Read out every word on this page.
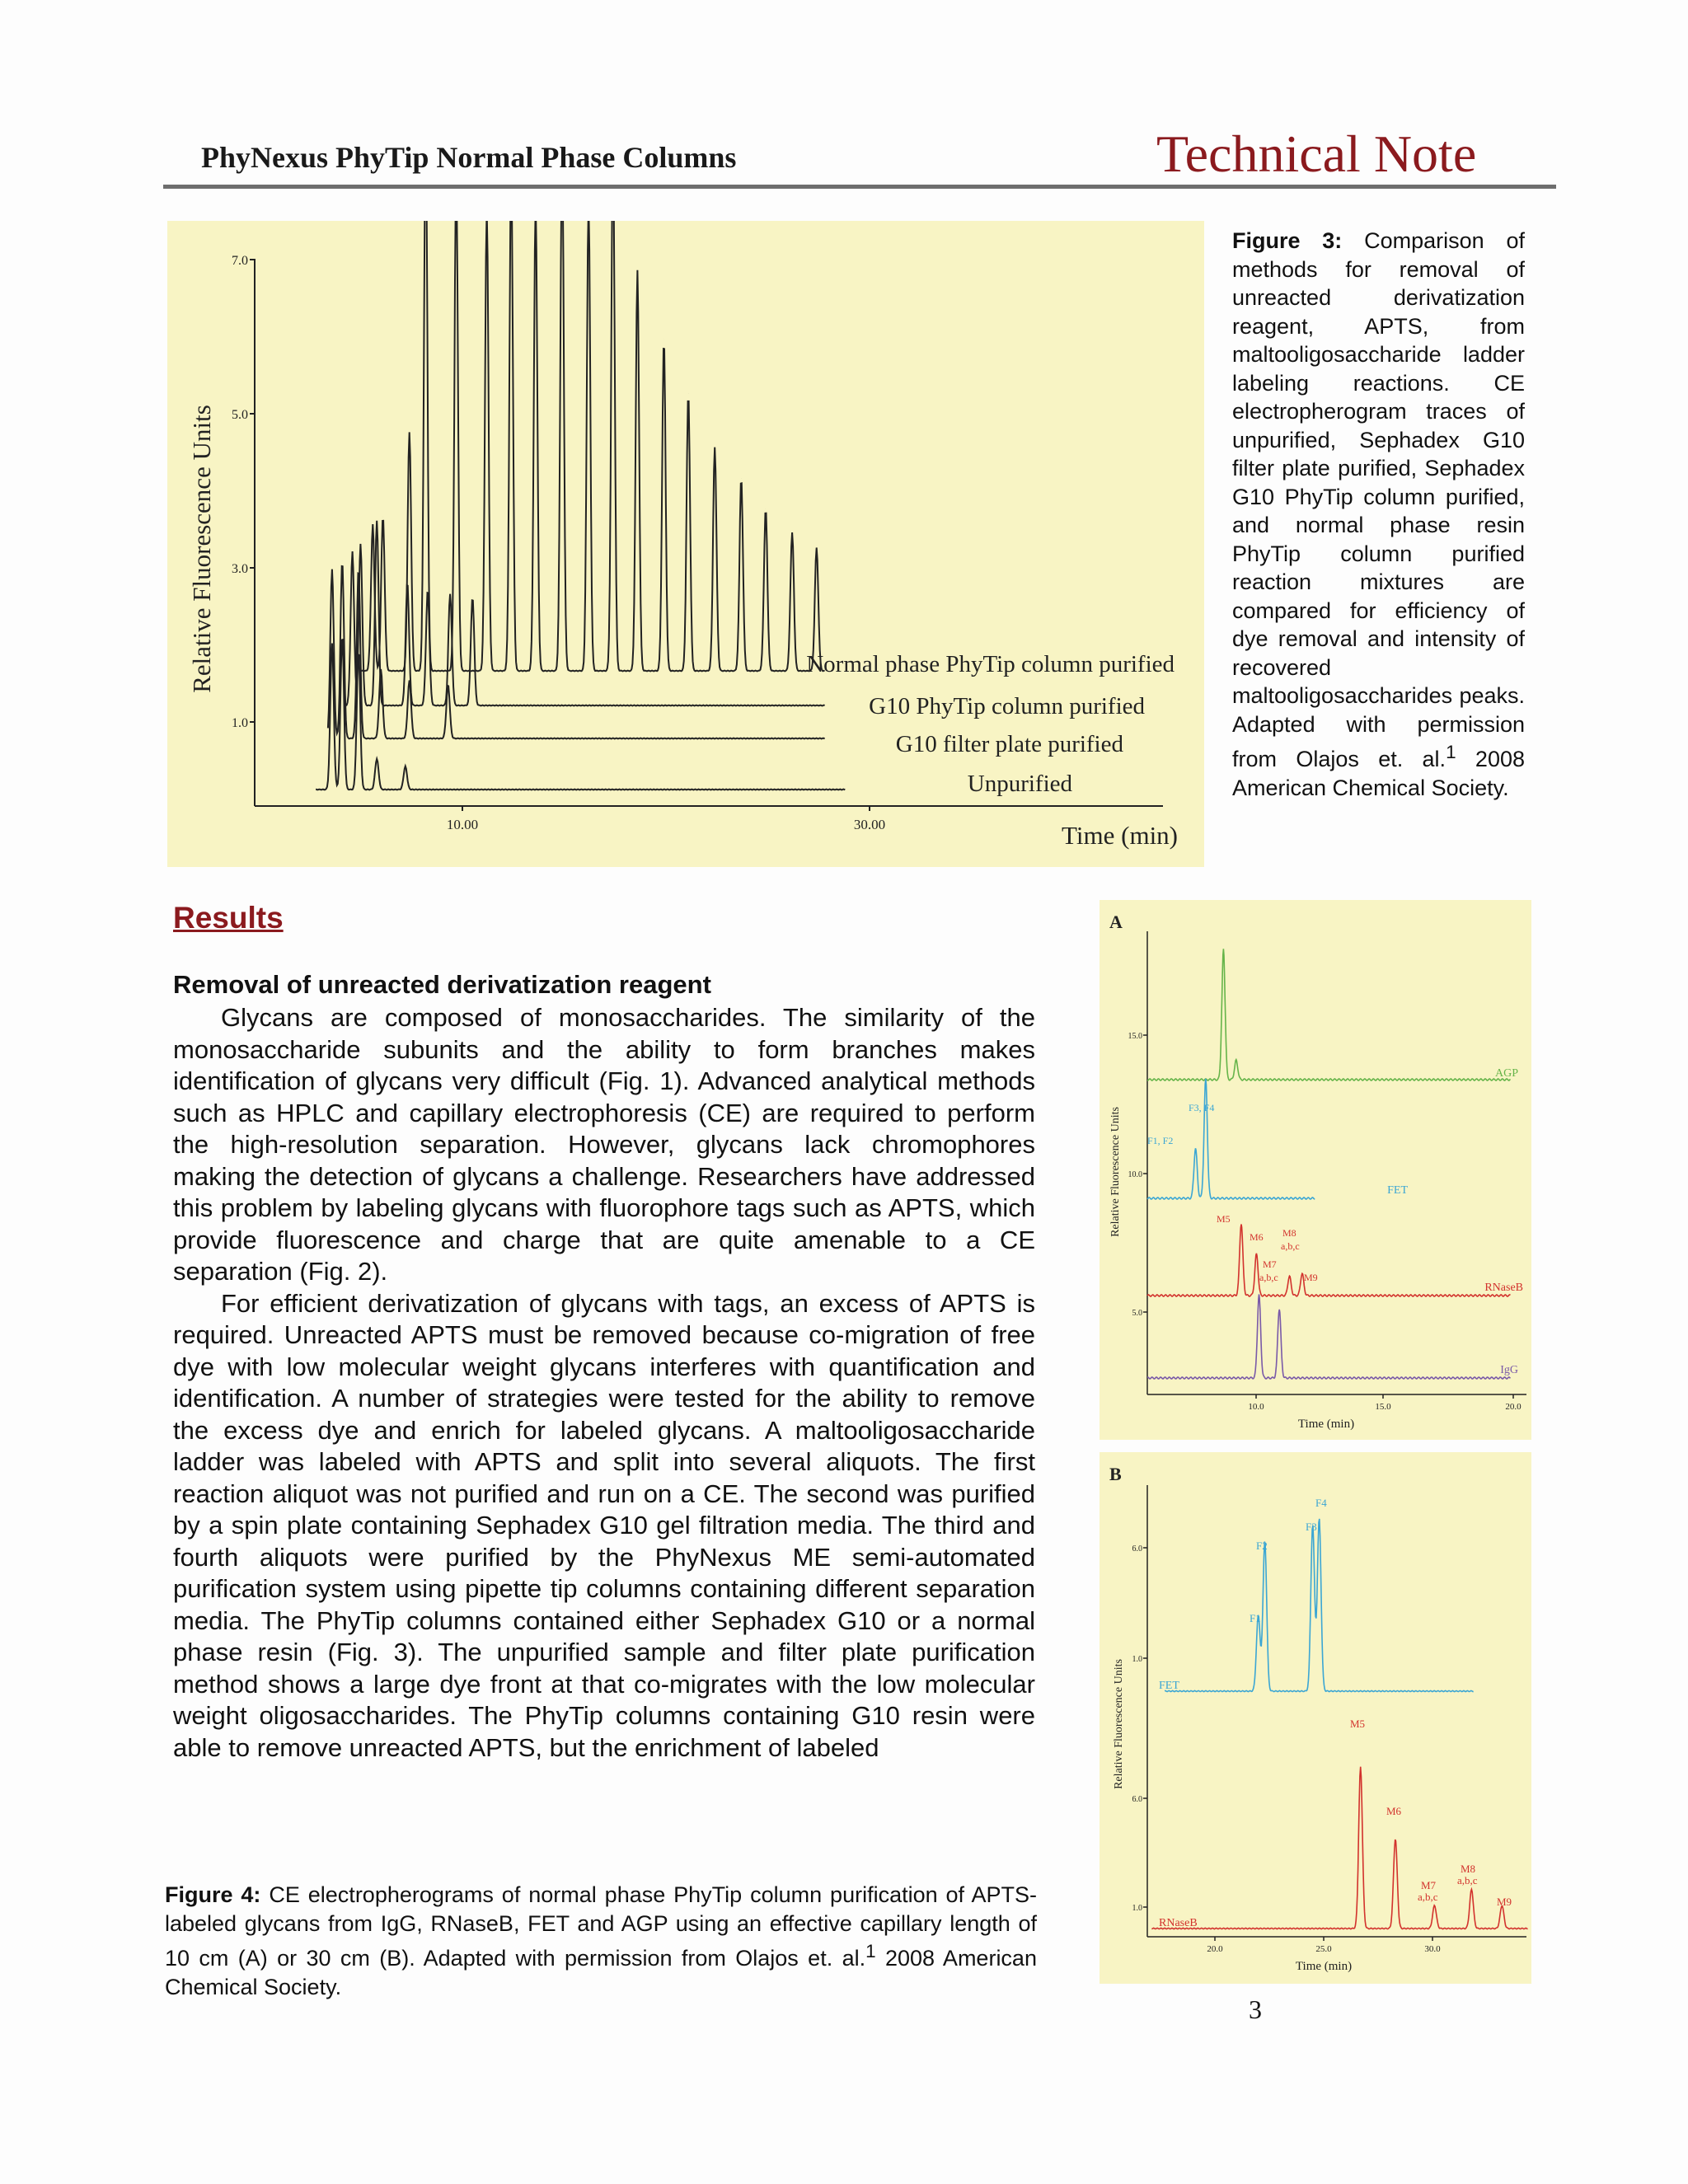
PhyNexus PhyTip Normal Phase Columns	Technical Note
7.0
5.0
3.0
1.0
10.00	30.00
Relative Fluorescence Units
Time (min)
Normal phase PhyTip column purified
G10 PhyTip column purified
G10 filter plate purified
Unpurified
Figure 3: Comparison of methods for removal of unreacted derivatization reagent, APTS, from maltooligosaccharide ladder labeling reactions. CE electropherogram traces of unpurified, Sephadex G10 filter plate purified, Sephadex G10 PhyTip column purified, and normal phase resin PhyTip column purified reaction mixtures are compared for efficiency of dye removal and intensity of recovered maltooligosaccharides peaks. Adapted with permission from Olajos et. al.$^1$ 2008 American Chemical Society.
Results
Removal of unreacted derivatization reagent

Glycans are composed of monosaccharides. The similarity of the monosaccharide subunits and the ability to form branches makes identification of glycans very difficult (Fig. 1). Advanced analytical methods such as HPLC and capillary electrophoresis (CE) are required to perform the high-resolution separation. However, glycans lack chromophores making the detection of glycans a challenge. Researchers have addressed this problem by labeling glycans with fluorophore tags such as APTS, which provide fluorescence and charge that are quite amenable to a CE separation (Fig. 2).

For efficient derivatization of glycans with tags, an excess of APTS is required. Unreacted APTS must be removed because co-migration of free dye with low molecular weight glycans interferes with quantification and identification. A number of strategies were tested for the ability to remove the excess dye and enrich for labeled glycans. A maltooligosaccharide ladder was labeled with APTS and split into several aliquots. The first reaction aliquot was not purified and run on a CE. The second was purified by a spin plate containing Sephadex G10 gel filtration media. The third and fourth aliquots were purified by the PhyNexus ME semi-automated purification system using pipette tip columns containing different separation media. The PhyTip columns contained either Sephadex G10 or a normal phase resin (Fig. 3). The unpurified sample and filter plate purification method shows a large dye front at that co-migrates with the low molecular weight oligosaccharides. The PhyTip columns containing G10 resin were able to remove unreacted APTS, but the enrichment of labeled

A
15.0
10.0
5.0
10.0	15.0	20.0
Relative Fluorescence Units
Time (min)
AGP
FET
RNaseB
IgG
F3, F4
F1, F2
M5
M6 M8
a,b,c
M7
a,b,c	M9
B
6.0
1.0
6.0
1.0
20.0	25.0	30.0
Relative Fluorescence Units
Time (min)
FET
RNaseB
F4
F3
F2
F1
M5
M6
M8
a,b,c
M7
a,b,c	M9
Figure 4: CE electropherograms of normal phase PhyTip column purification of APTS-labeled glycans from IgG, RNaseB, FET and AGP using an effective capillary length of 10 cm (A) or 30 cm (B). Adapted with permission from Olajos et. al.$^1$ 2008 American Chemical Society.
3
